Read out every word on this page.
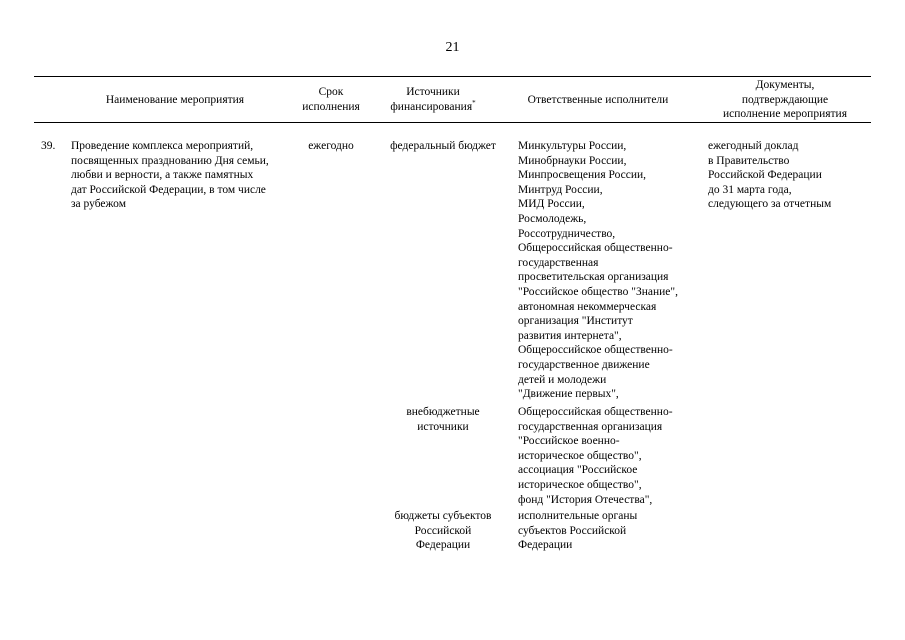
21
Наименование мероприятия
Срок
исполнения
Источники
финансирования*	Ответственные исполнители
Документы,
подтверждающие
исполнение мероприятия
39. Проведение комплекса мероприятий,
посвященных празднованию Дня семьи,
любви и верности, а также памятных
дат Российской Федерации, в том числе
за рубежом
ежегодно	федеральный бюджет
внебюджетные
источники
бюджеты субъектов
Российской
Федерации
Минкультуры России,
Минобрнауки России,
Минпросвещения России,
Минтруд России,
МИД России,
Росмолодежь,
Россотрудничество,
Общероссийская общественно-
государственная
просветительская организация
"Российское общество "Знание",
автономная некоммерческая
организация "Институт
развития интернета",
Общероссийское общественно-
государственное движение
детей и молодежи
"Движение первых",
Общероссийская общественно-
государственная организация
"Российское военно-
историческое общество",
ассоциация "Российское
историческое общество",
фонд "История Отечества",
исполнительные органы
субъектов Российской
Федерации
ежегодный доклад
в Правительство
Российской Федерации
до 31 марта года,
следующего за отчетным
